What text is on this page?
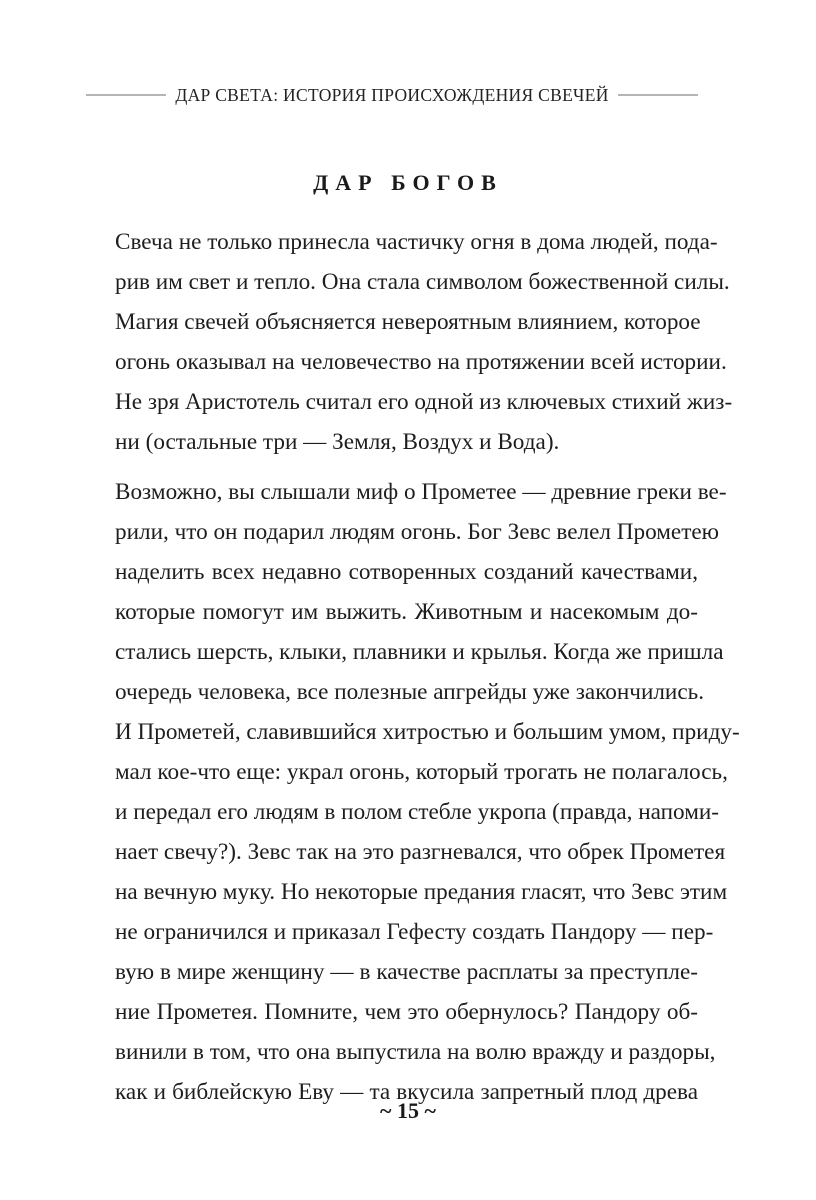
ДАР СВЕТА: ИСТОРИЯ ПРОИСХОЖДЕНИЯ СВЕЧЕЙ
ДАР БОГОВ
Свеча не только принесла частичку огня в дома людей, пода-
рив им свет и тепло. Она стала символом божественной силы.
Магия свечей объясняется невероятным влиянием, которое
огонь оказывал на человечество на протяжении всей истории.
Не зря Аристотель считал его одной из ключевых стихий жиз-
ни (остальные три — Земля, Воздух и Вода).
Возможно, вы слышали миф о Прометее — древние греки ве-
рили, что он подарил людям огонь. Бог Зевс велел Прометею
наделить всех недавно сотворенных созданий качествами,
которые помогут им выжить. Животным и насекомым до-
стались шерсть, клыки, плавники и крылья. Когда же пришла
очередь человека, все полезные апгрейды уже закончились.
И Прометей, славившийся хитростью и большим умом, приду-
мал кое-что еще: украл огонь, который трогать не полагалось,
и передал его людям в полом стебле укропа (правда, напоми-
нает свечу?). Зевс так на это разгневался, что обрек Прометея
на вечную муку. Но некоторые предания гласят, что Зевс этим
не ограничился и приказал Гефесту создать Пандору — пер-
вую в мире женщину — в качестве расплаты за преступле-
ние Прометея. Помните, чем это обернулось? Пандору об-
винили в том, что она выпустила на волю вражду и раздоры,
как и библейскую Еву — та вкусила запретный плод древа
~ 15 ~
